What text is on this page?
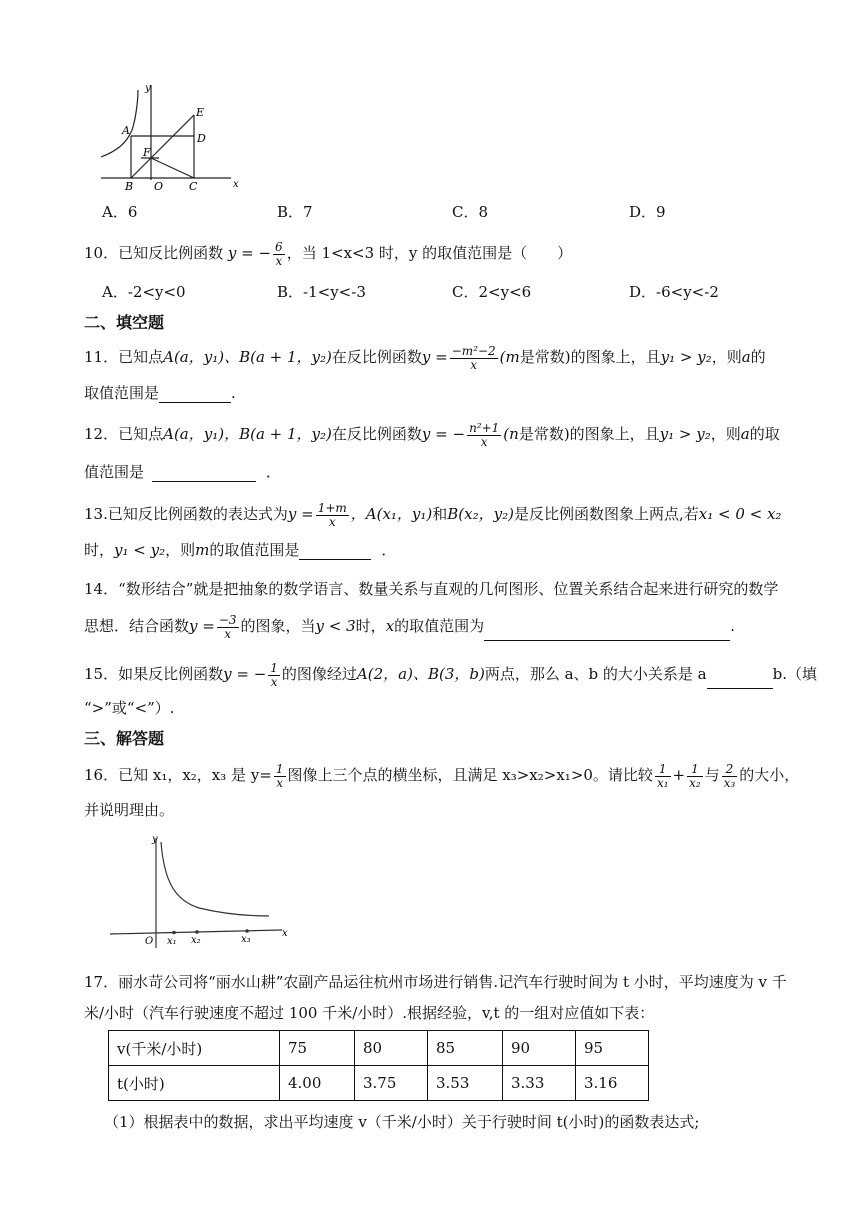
y
x
A
B O C
D
E
F
A．6	B．7	C．8	D．9
10．已知反比例函数 y = − $\frac{6}{x}$ ，当 1<x<3 时，y 的取值范围是（　　）
A．-2<y<0	B．-1<y<-3	C．2<y<6	D．-6<y<-2
二、填空题
11．已知点A(a，y₁)、B(a + 1，y₂)在反比例函数$y = \frac{\text{−m²−2}}{x} (m$是常数)的图象上，且y₁ > y₂，则a的
取值范围是	.
12．已知点A(a，y₁)，B(a + 1，y₂)在反比例函数y = − $\frac{\text{n²+1}}{x} (n$是常数)的图象上，且y₁ > y₂，则a的取
值范围是	．
13.已知反比例函数的表达式为$y = \frac{1+m}{x}$ ，A(x₁，y₁)和B(x₂，y₂)是反比例函数图象上两点,若x₁ < 0 < x₂
时，y₁ < y₂，则m的取值范围是	．
14．“数形结合”就是把抽象的数学语言、数量关系与直观的几何图形、位置关系结合起来进行研究的数学
思想．结合函数$y = \frac{-3}{x}$ 的图象，当y < 3时，x的取值范围为	.
15．如果反比例函数y = − $\frac{1}{x}$ 的图像经过A(2，a)、B(3，b)两点，那么 a、b 的大小关系是 a	b.（填
“>”或“<”）.
三、解答题
16．已知 x₁，x₂，x₃ 是 $y= \frac{1}{x}$ 图像上三个点的横坐标，且满足 x₃>x₂>x₁>0。请比较 $\frac{1}{\text{x₁}} + \frac{1}{\text{x₂}}$ 与 $\frac{2}{\text{x₃}}$ 的大小，
并说明理由。
y
x
O x₁ x₂	x₃
17．丽水苛公司将“丽水山耕”农副产品运往杭州市场进行销售.记汽车行驶时间为 t 小时，平均速度为 v 千
米/小时（汽车行驶速度不超过 100 千米/小时）.根据经验，v,t 的一组对应值如下表：
v(千米/小时)	75	80	85	90	95
t(小时)	4.00	3.75	3.53	3.33	3.16
（1）根据表中的数据，求出平均速度 v（千米/小时）关于行驶时间 t(小时)的函数表达式;
